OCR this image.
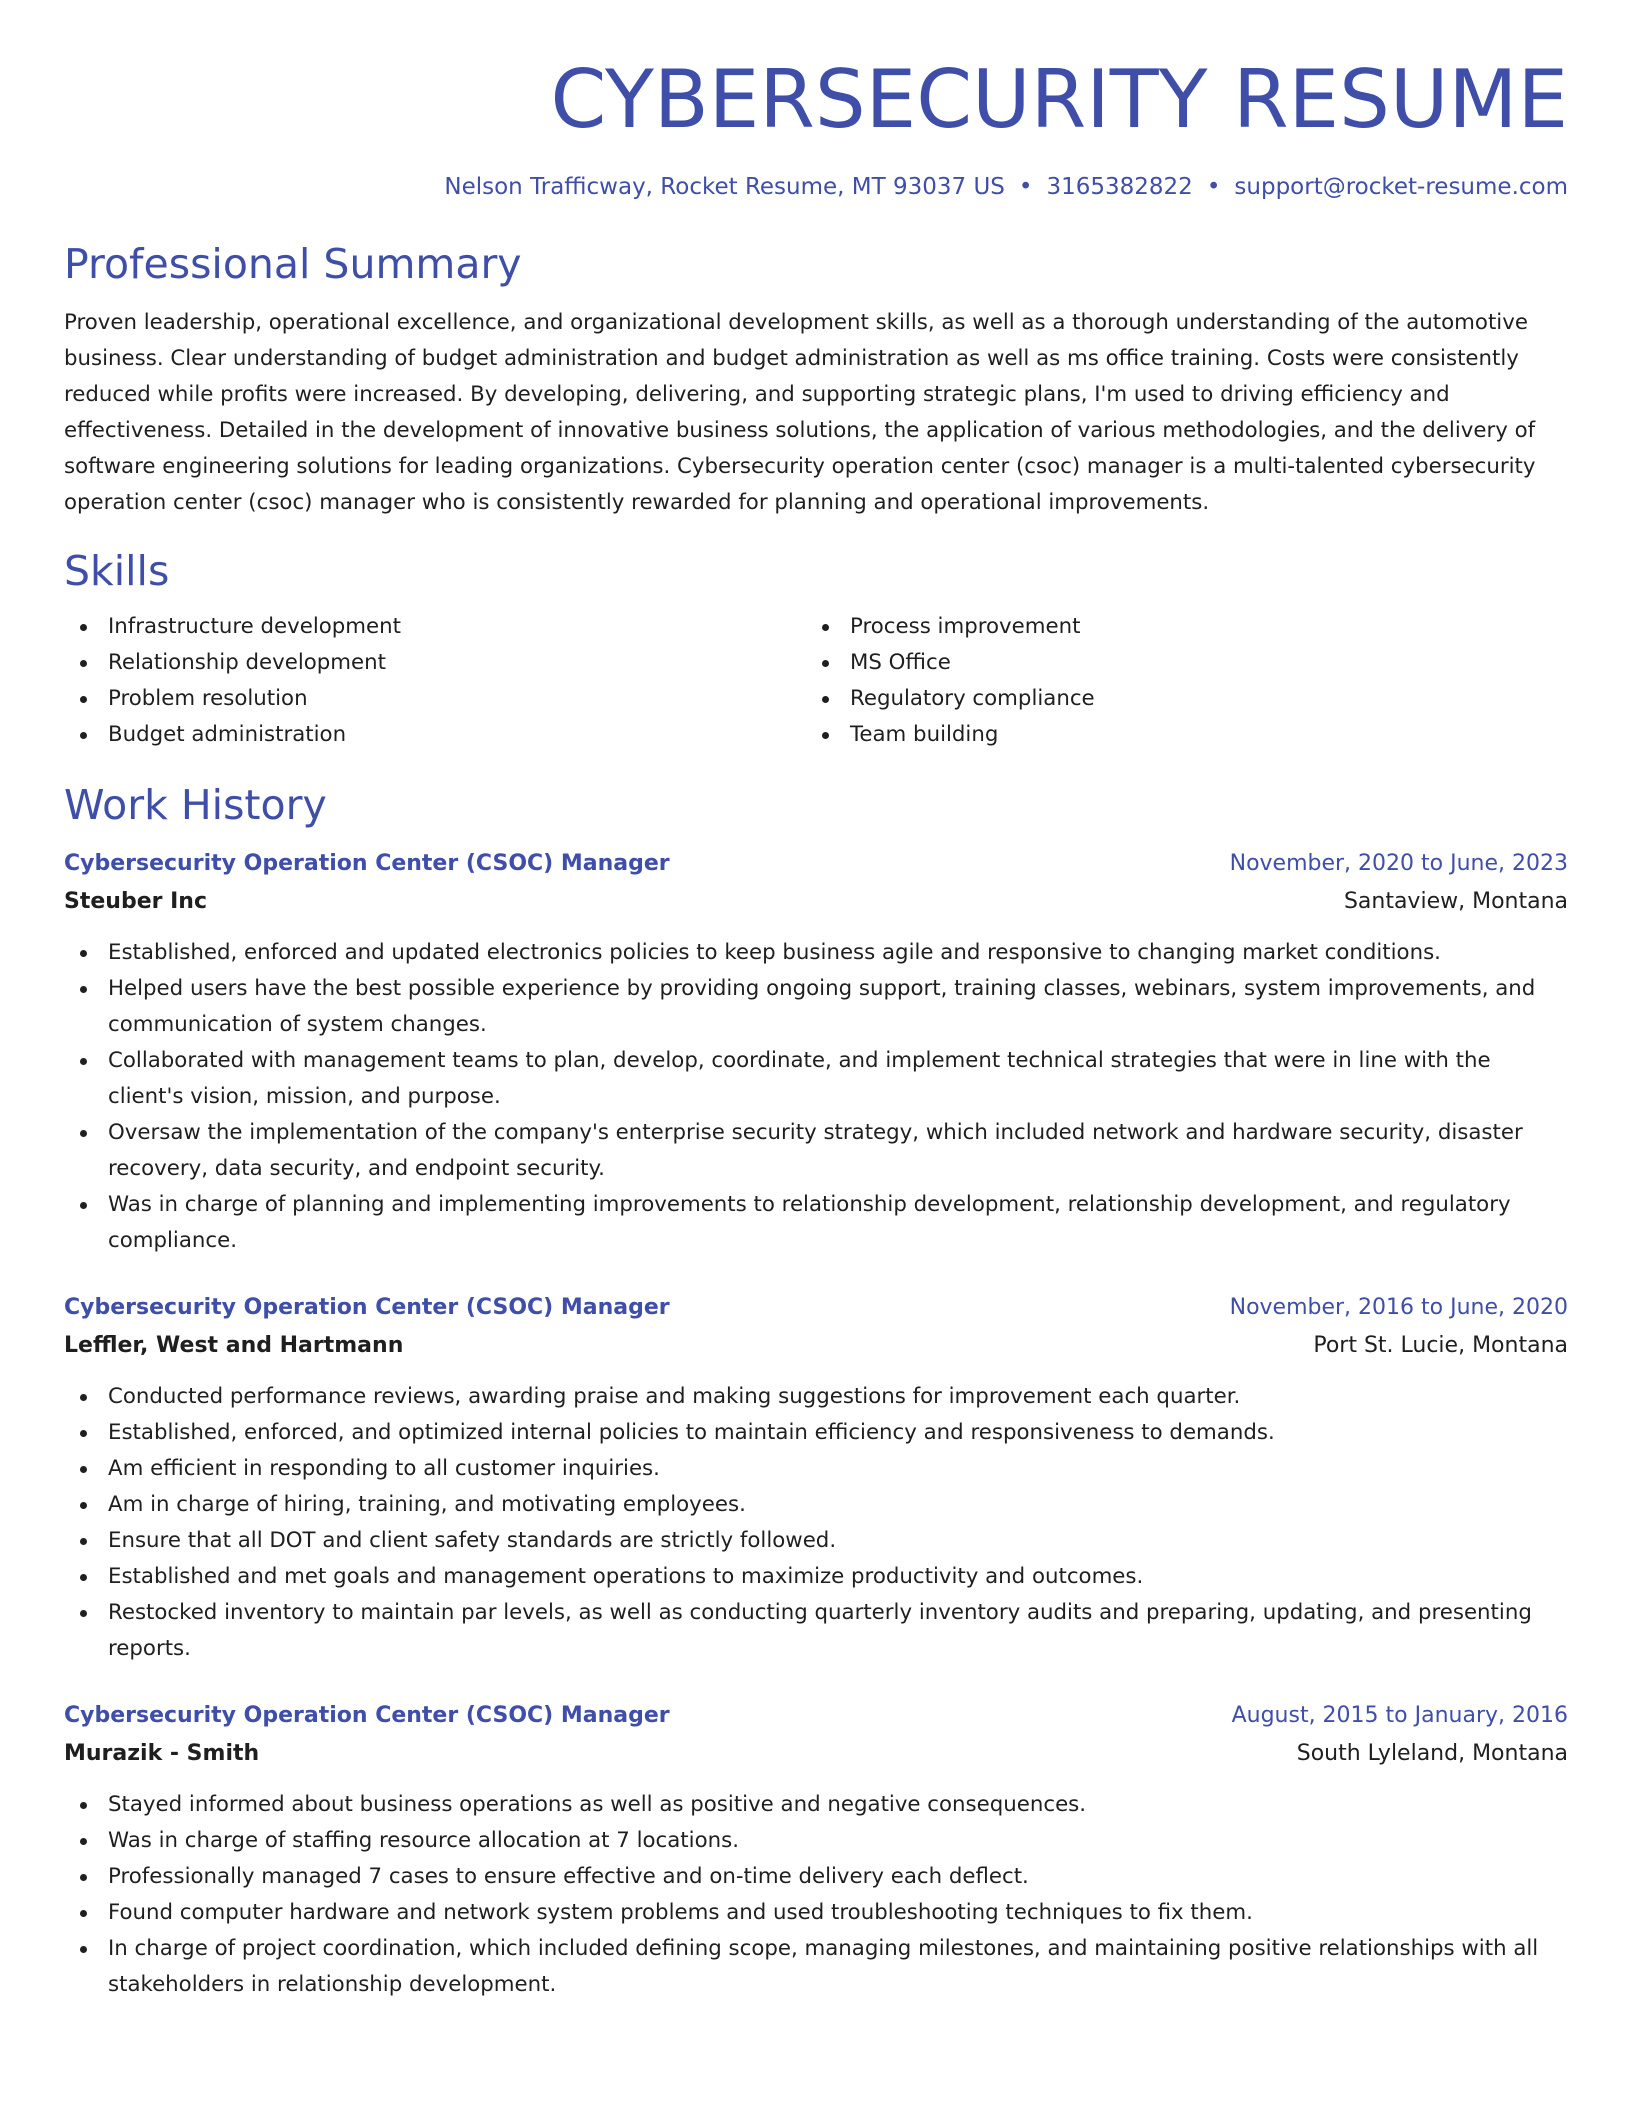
CYBERSECURITY RESUME
Nelson Trafficway, Rocket Resume, MT 93037 US • 3165382822 • support@rocket-resume.com
Professional Summary

Proven leadership, operational excellence, and organizational development skills, as well as a thorough understanding of the automotive business. Clear understanding of budget administration and budget administration as well as ms office training. Costs were consistently reduced while profits were increased. By developing, delivering, and supporting strategic plans, I'm used to driving efficiency and effectiveness. Detailed in the development of innovative business solutions, the application of various methodologies, and the delivery of software engineering solutions for leading organizations. Cybersecurity operation center (csoc) manager is a multi-talented cybersecurity operation center (csoc) manager who is consistently rewarded for planning and operational improvements.

Skills
Infrastructure development
Relationship development
Problem resolution
Budget administration
Process improvement
MS Office
Regulatory compliance
Team building
Work History
Cybersecurity Operation Center (CSOC) Manager	November, 2020 to June, 2023
Steuber Inc	Santaview, Montana
Established, enforced and updated electronics policies to keep business agile and responsive to changing market conditions.
Helped users have the best possible experience by providing ongoing support, training classes, webinars, system improvements, and communication of system changes.
Collaborated with management teams to plan, develop, coordinate, and implement technical strategies that were in line with the client's vision, mission, and purpose.
Oversaw the implementation of the company's enterprise security strategy, which included network and hardware security, disaster recovery, data security, and endpoint security.
Was in charge of planning and implementing improvements to relationship development, relationship development, and regulatory compliance.
Cybersecurity Operation Center (CSOC) Manager	November, 2016 to June, 2020
Leffler, West and Hartmann	Port St. Lucie, Montana
Conducted performance reviews, awarding praise and making suggestions for improvement each quarter.
Established, enforced, and optimized internal policies to maintain efficiency and responsiveness to demands.
Am efficient in responding to all customer inquiries.
Am in charge of hiring, training, and motivating employees.
Ensure that all DOT and client safety standards are strictly followed.
Established and met goals and management operations to maximize productivity and outcomes.
Restocked inventory to maintain par levels, as well as conducting quarterly inventory audits and preparing, updating, and presenting reports.
Cybersecurity Operation Center (CSOC) Manager	August, 2015 to January, 2016
Murazik - Smith	South Lyleland, Montana
Stayed informed about business operations as well as positive and negative consequences.
Was in charge of staffing resource allocation at 7 locations.
Professionally managed 7 cases to ensure effective and on-time delivery each deflect.
Found computer hardware and network system problems and used troubleshooting techniques to fix them.
In charge of project coordination, which included defining scope, managing milestones, and maintaining positive relationships with all stakeholders in relationship development.
